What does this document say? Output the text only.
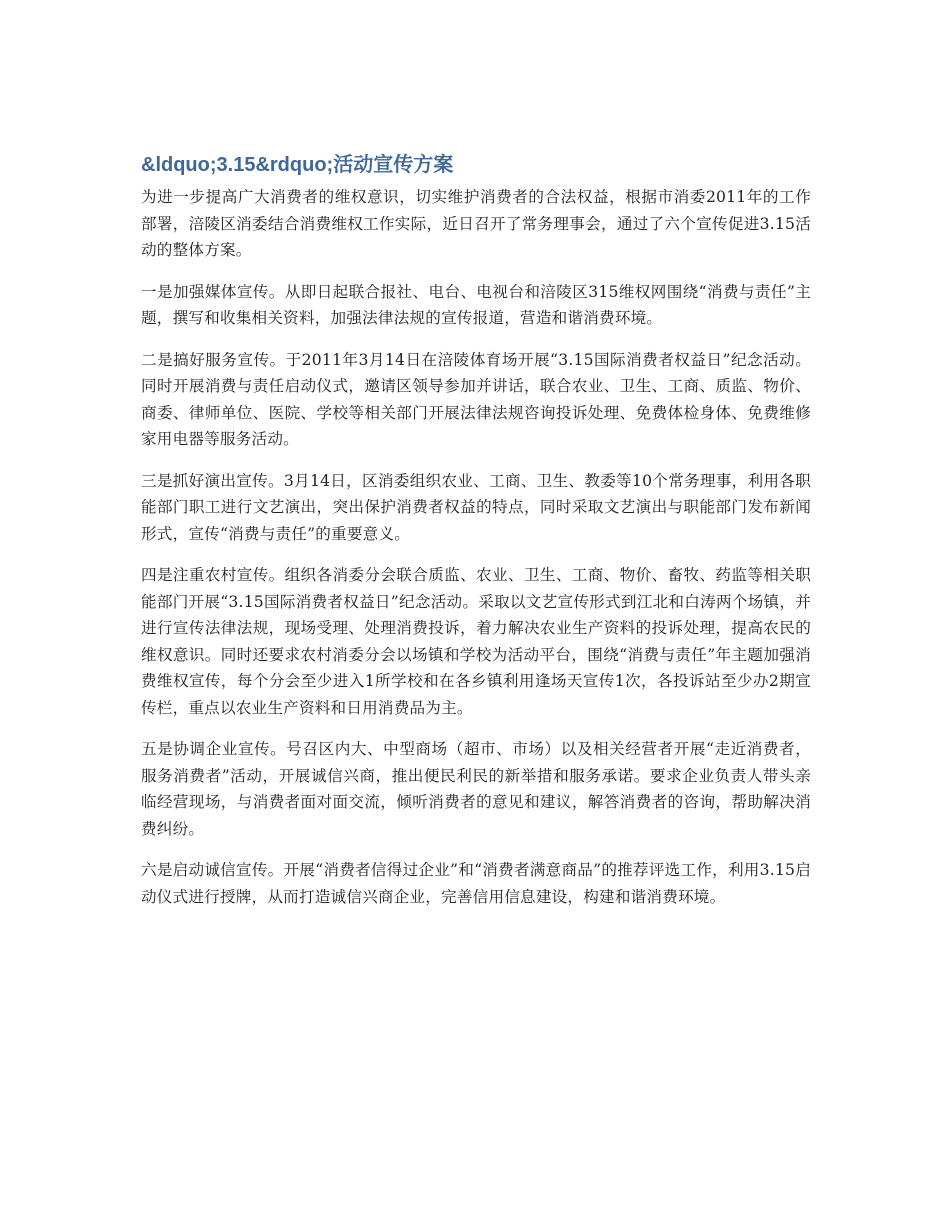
&ldquo;3.15&rdquo;活动宣传方案

为进一步提高广大消费者的维权意识，切实维护消费者的合法权益，根据市消委2011年的工作部署，涪陵区消委结合消费维权工作实际，近日召开了常务理事会，通过了六个宣传促进3.15活动的整体方案。

一是加强媒体宣传。从即日起联合报社、电台、电视台和涪陵区315维权网围绕“消费与责任”主题，撰写和收集相关资料，加强法律法规的宣传报道，营造和谐消费环境。

二是搞好服务宣传。于2011年3月14日在涪陵体育场开展“3.15国际消费者权益日”纪念活动。同时开展消费与责任启动仪式，邀请区领导参加并讲话，联合农业、卫生、工商、质监、物价、商委、律师单位、医院、学校等相关部门开展法律法规咨询投诉处理、免费体检身体、免费维修家用电器等服务活动。

三是抓好演出宣传。3月14日，区消委组织农业、工商、卫生、教委等10个常务理事，利用各职能部门职工进行文艺演出，突出保护消费者权益的特点，同时采取文艺演出与职能部门发布新闻形式，宣传“消费与责任”的重要意义。

四是注重农村宣传。组织各消委分会联合质监、农业、卫生、工商、物价、畜牧、药监等相关职能部门开展“3.15国际消费者权益日”纪念活动。采取以文艺宣传形式到江北和白涛两个场镇，并进行宣传法律法规，现场受理、处理消费投诉，着力解决农业生产资料的投诉处理，提高农民的维权意识。同时还要求农村消委分会以场镇和学校为活动平台，围绕“消费与责任”年主题加强消费维权宣传，每个分会至少进入1所学校和在各乡镇利用逢场天宣传1次，各投诉站至少办2期宣传栏，重点以农业生产资料和日用消费品为主。

五是协调企业宣传。号召区内大、中型商场（超市、市场）以及相关经营者开展“走近消费者，服务消费者”活动，开展诚信兴商，推出便民利民的新举措和服务承诺。要求企业负责人带头亲临经营现场，与消费者面对面交流，倾听消费者的意见和建议，解答消费者的咨询，帮助解决消费纠纷。

六是启动诚信宣传。开展“消费者信得过企业”和“消费者满意商品”的推荐评选工作，利用3.15启动仪式进行授牌，从而打造诚信兴商企业，完善信用信息建设，构建和谐消费环境。
